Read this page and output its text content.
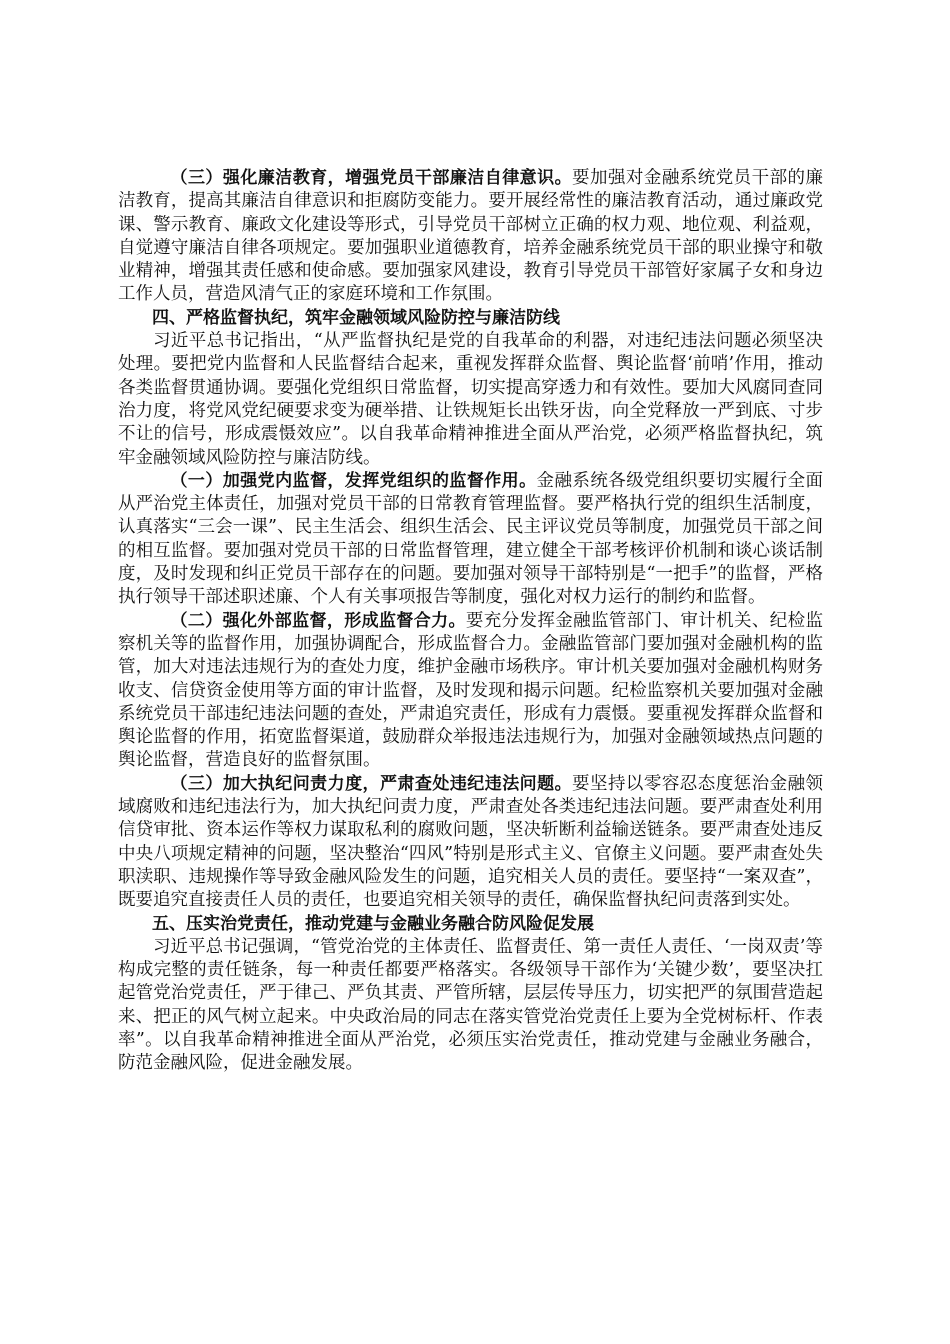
（三）强化廉洁教育，增强党员干部廉洁自律意识。要加强对金融系统党员干部的廉洁教育，提高其廉洁自律意识和拒腐防变能力。要开展经常性的廉洁教育活动，通过廉政党课、警示教育、廉政文化建设等形式，引导党员干部树立正确的权力观、地位观、利益观，自觉遵守廉洁自律各项规定。要加强职业道德教育，培养金融系统党员干部的职业操守和敬业精神，增强其责任感和使命感。要加强家风建设，教育引导党员干部管好家属子女和身边工作人员，营造风清气正的家庭环境和工作氛围。

四、严格监督执纪，筑牢金融领域风险防控与廉洁防线

习近平总书记指出，“从严监督执纪是党的自我革命的利器，对违纪违法问题必须坚决处理。要把党内监督和人民监督结合起来，重视发挥群众监督、舆论监督‘前哨’作用，推动各类监督贯通协调。要强化党组织日常监督，切实提高穿透力和有效性。要加大风腐同查同治力度，将党风党纪硬要求变为硬举措、让铁规矩长出铁牙齿，向全党释放一严到底、寸步不让的信号，形成震慑效应”。以自我革命精神推进全面从严治党，必须严格监督执纪，筑牢金融领域风险防控与廉洁防线。

（一）加强党内监督，发挥党组织的监督作用。金融系统各级党组织要切实履行全面从严治党主体责任，加强对党员干部的日常教育管理监督。要严格执行党的组织生活制度，认真落实“三会一课”、民主生活会、组织生活会、民主评议党员等制度，加强党员干部之间的相互监督。要加强对党员干部的日常监督管理，建立健全干部考核评价机制和谈心谈话制度，及时发现和纠正党员干部存在的问题。要加强对领导干部特别是“一把手”的监督，严格执行领导干部述职述廉、个人有关事项报告等制度，强化对权力运行的制约和监督。

（二）强化外部监督，形成监督合力。要充分发挥金融监管部门、审计机关、纪检监察机关等的监督作用，加强协调配合，形成监督合力。金融监管部门要加强对金融机构的监管，加大对违法违规行为的查处力度，维护金融市场秩序。审计机关要加强对金融机构财务收支、信贷资金使用等方面的审计监督，及时发现和揭示问题。纪检监察机关要加强对金融系统党员干部违纪违法问题的查处，严肃追究责任，形成有力震慑。要重视发挥群众监督和舆论监督的作用，拓宽监督渠道，鼓励群众举报违法违规行为，加强对金融领域热点问题的舆论监督，营造良好的监督氛围。

（三）加大执纪问责力度，严肃查处违纪违法问题。要坚持以零容忍态度惩治金融领域腐败和违纪违法行为，加大执纪问责力度，严肃查处各类违纪违法问题。要严肃查处利用信贷审批、资本运作等权力谋取私利的腐败问题，坚决斩断利益输送链条。要严肃查处违反中央八项规定精神的问题，坚决整治“四风”特别是形式主义、官僚主义问题。要严肃查处失职渎职、违规操作等导致金融风险发生的问题，追究相关人员的责任。要坚持“一案双查”，既要追究直接责任人员的责任，也要追究相关领导的责任，确保监督执纪问责落到实处。

五、压实治党责任，推动党建与金融业务融合防风险促发展

习近平总书记强调，“管党治党的主体责任、监督责任、第一责任人责任、‘一岗双责’等构成完整的责任链条，每一种责任都要严格落实。各级领导干部作为‘关键少数’，要坚决扛起管党治党责任，严于律己、严负其责、严管所辖，层层传导压力，切实把严的氛围营造起来、把正的风气树立起来。中央政治局的同志在落实管党治党责任上要为全党树标杆、作表率”。以自我革命精神推进全面从严治党，必须压实治党责任，推动党建与金融业务融合，防范金融风险，促进金融发展。
